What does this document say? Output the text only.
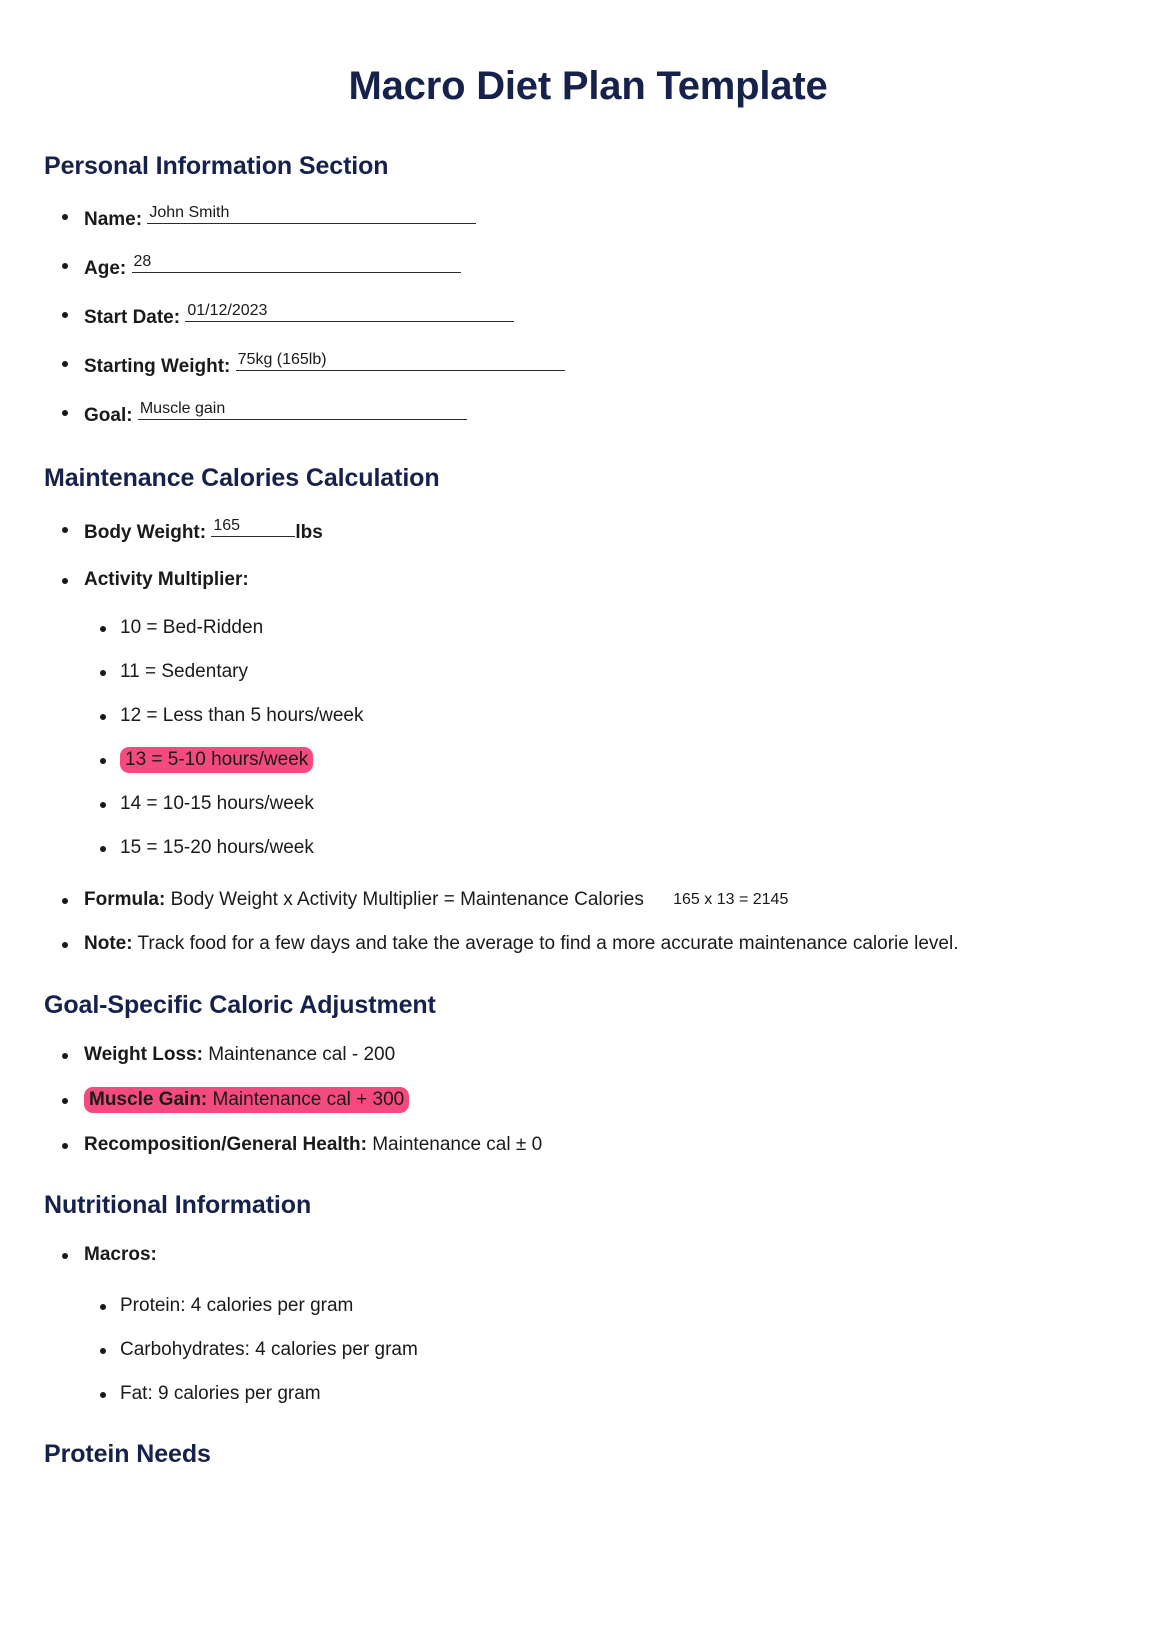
Macro Diet Plan Template
Personal Information Section
Name: John Smith
Age: 28
Start Date: 01/12/2023
Starting Weight: 75kg (165lb)
Goal: Muscle gain
Maintenance Calories Calculation
Body Weight: 165	lbs
Activity Multiplier:
10 = Bed-Ridden
11 = Sedentary
12 = Less than 5 hours/week
13 = 5-10 hours/week
14 = 10-15 hours/week
15 = 15-20 hours/week
Formula: Body Weight x Activity Multiplier = Maintenance Calories 165 x 13 = 2145
Note: Track food for a few days and take the average to find a more accurate maintenance calorie level.
Goal-Specific Caloric Adjustment
Weight Loss: Maintenance cal - 200
Muscle Gain: Maintenance cal + 300
Recomposition/General Health: Maintenance cal ± 0
Nutritional Information
Macros:
Protein: 4 calories per gram
Carbohydrates: 4 calories per gram
Fat: 9 calories per gram
Protein Needs
